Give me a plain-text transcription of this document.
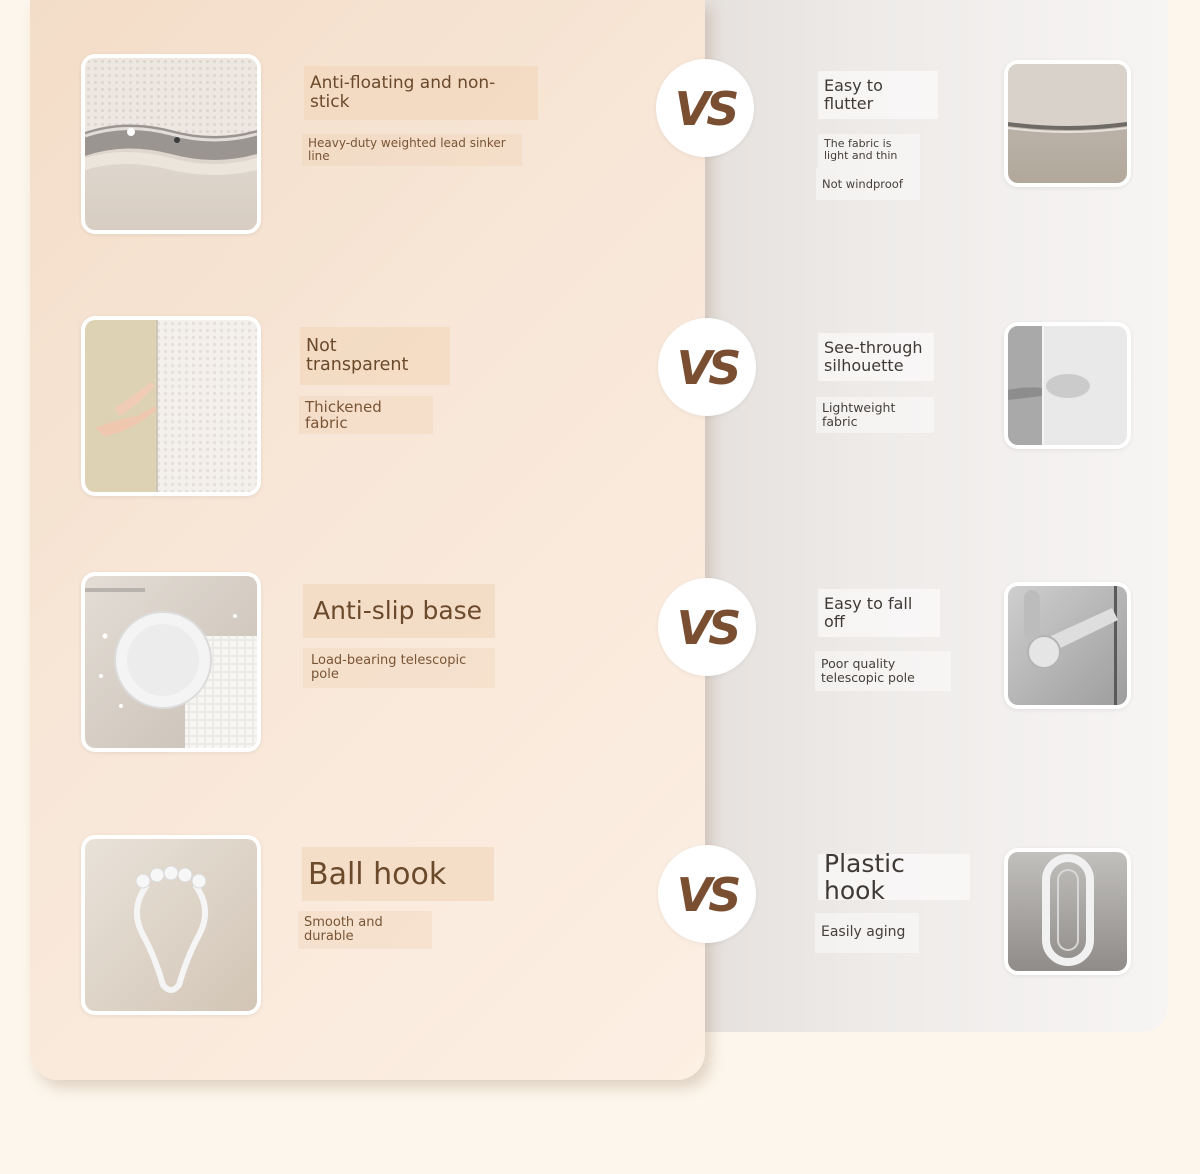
Anti-floating and non-stick
Heavy-duty weighted lead sinker line
VS	Easy to flutter
The fabric is light and thin
Not windproof
Not transparent
Thickened fabric
VS	See-through silhouette
Lightweight fabric
Anti-slip base
Load-bearing telescopic pole
VS	Easy to fall off
Poor quality telescopic pole
Ball hook
Smooth and durable
VS
Plastic hook
Easily aging
